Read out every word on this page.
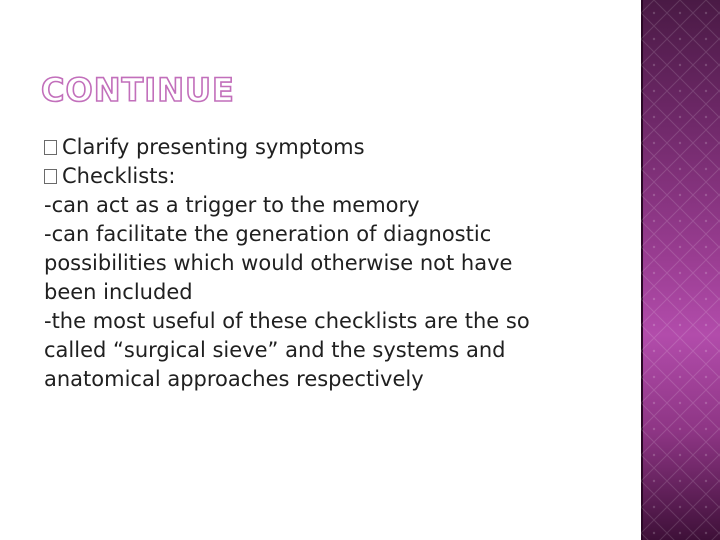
CONTINUE
Clarify presenting symptoms
Checklists:
-can act as a trigger to the memory
-can facilitate the generation of diagnostic
possibilities which would otherwise not have
been included
-the most useful of these checklists are the so
called “surgical sieve” and the systems and
anatomical approaches respectively
